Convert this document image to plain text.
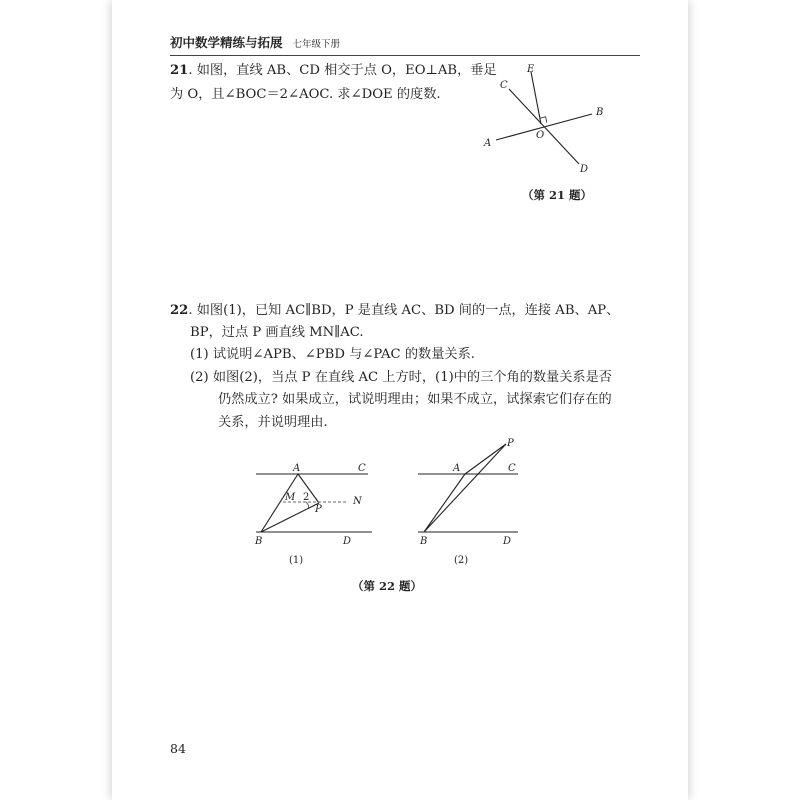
初中数学精练与拓展 七年级下册
21. 如图，直线 AB、CD 相交于点 O，EO⊥AB，垂足
为 O，且∠BOC＝2∠AOC. 求∠DOE 的度数.
C
E
B
A
O
D
（第 21 题）
22. 如图(1)，已知 AC∥BD，P 是直线 AC、BD 间的一点，连接 AB、AP、
BP，过点 P 画直线 MN∥AC.
(1) 试说明∠APB、∠PBD 与∠PAC 的数量关系.
(2) 如图(2)，当点 P 在直线 AC 上方时，(1)中的三个角的数量关系是否
仍然成立? 如果成立，试说明理由；如果不成立，试探索它们存在的
关系，并说明理由.
A	C
M 2	N
P
B	D
(1)
P
A	C
B	D
(2)
（第 22 题）
84
